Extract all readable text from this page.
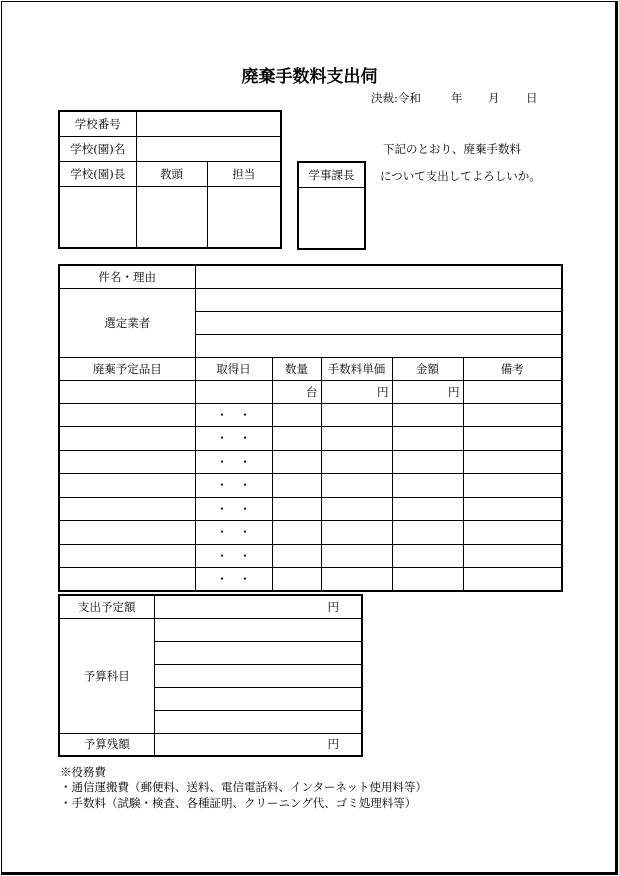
廃棄手数料支出伺
決裁:令和	年 月 日
学校番号		
学校(園)名		
学校(園)長	教頭	担当
			学事課長

下記のとおり、廃棄手数料
について支出してよろしいか。
件名・理由					
選定業者					

廃棄予定品目	取得日	数量	手数料単価	金額	備考
		台	円	円	
	・　・				
	・　・				
	・　・				
	・　・				
	・　・				
	・　・				
	・　・				
	・　・				
支出予定額	円
予算科目	

予算残額	円
※役務費
・通信運搬費（郵便料、送料、電信電話料、インターネット使用料等）
・手数料（試験・検査、各種証明、クリーニング代、ゴミ処理料等）
